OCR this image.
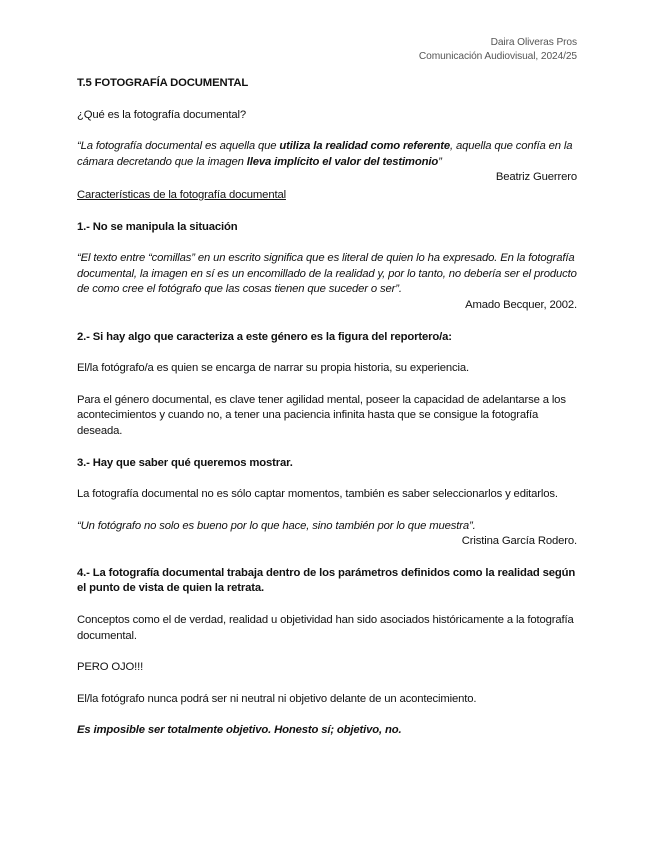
Daira Oliveras Pros
Comunicación Audiovisual, 2024/25

T.5 FOTOGRAFÍA DOCUMENTAL

¿Qué es la fotografía documental?

“La fotografía documental es aquella que utiliza la realidad como referente, aquella que confía en la cámara decretando que la imagen lleva implícito el valor del testimonio”

Beatriz Guerrero

Características de la fotografía documental

1.- No se manipula la situación

“El texto entre “comillas” en un escrito significa que es literal de quien lo ha expresado. En la fotografía documental, la imagen en sí es un encomillado de la realidad y, por lo tanto, no debería ser el producto de como cree el fotógrafo que las cosas tienen que suceder o ser”.

Amado Becquer, 2002.

2.- Si hay algo que caracteriza a este género es la figura del reportero/a:

El/la fotógrafo/a es quien se encarga de narrar su propia historia, su experiencia.

Para el género documental, es clave tener agilidad mental, poseer la capacidad de adelantarse a los acontecimientos y cuando no, a tener una paciencia infinita hasta que se consigue la fotografía deseada.

3.- Hay que saber qué queremos mostrar.

La fotografía documental no es sólo captar momentos, también es saber seleccionarlos y editarlos.

“Un fotógrafo no solo es bueno por lo que hace, sino también por lo que muestra”.

Cristina García Rodero.

4.- La fotografía documental trabaja dentro de los parámetros definidos como la realidad según el punto de vista de quien la retrata.

Conceptos como el de verdad, realidad u objetividad han sido asociados históricamente a la fotografía documental.

PERO OJO!!!

El/la fotógrafo nunca podrá ser ni neutral ni objetivo delante de un acontecimiento.

Es imposible ser totalmente objetivo. Honesto sí; objetivo, no.
